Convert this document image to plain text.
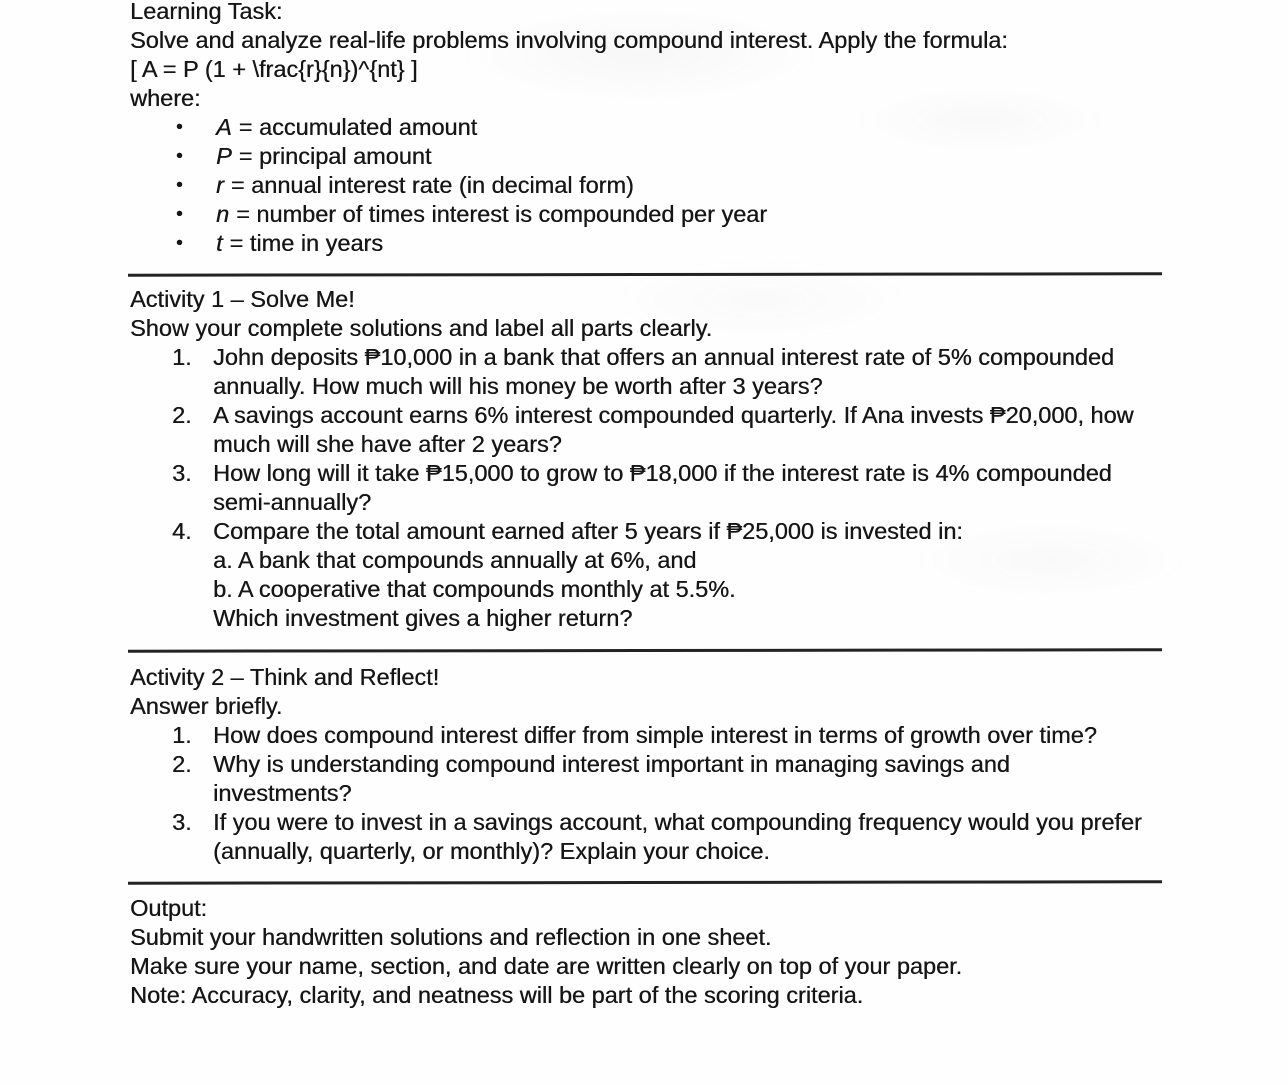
Learning Task:
Solve and analyze real-life problems involving compound interest. Apply the formula:
[ A = P (1 + \frac{r}{n})^{nt} ]
where:
•	A = accumulated amount
•	P = principal amount
•	r = annual interest rate (in decimal form)
•	n = number of times interest is compounded per year
•	t = time in years
Activity 1 – Solve Me!
Show your complete solutions and label all parts clearly.
1. John deposits ₱10,000 in a bank that offers an annual interest rate of 5% compounded annually. How much will his money be worth after 3 years?
2. A savings account earns 6% interest compounded quarterly. If Ana invests ₱20,000, how much will she have after 2 years?
3. How long will it take ₱15,000 to grow to ₱18,000 if the interest rate is 4% compounded semi-annually?
4. Compare the total amount earned after 5 years if ₱25,000 is invested in:
a. A bank that compounds annually at 6%, and
b. A cooperative that compounds monthly at 5.5%.
Which investment gives a higher return?
Activity 2 – Think and Reflect!
Answer briefly.
1. How does compound interest differ from simple interest in terms of growth over time?
2. Why is understanding compound interest important in managing savings and investments?
3. If you were to invest in a savings account, what compounding frequency would you prefer (annually, quarterly, or monthly)? Explain your choice.
Output:
Submit your handwritten solutions and reflection in one sheet.
Make sure your name, section, and date are written clearly on top of your paper.
Note: Accuracy, clarity, and neatness will be part of the scoring criteria.
